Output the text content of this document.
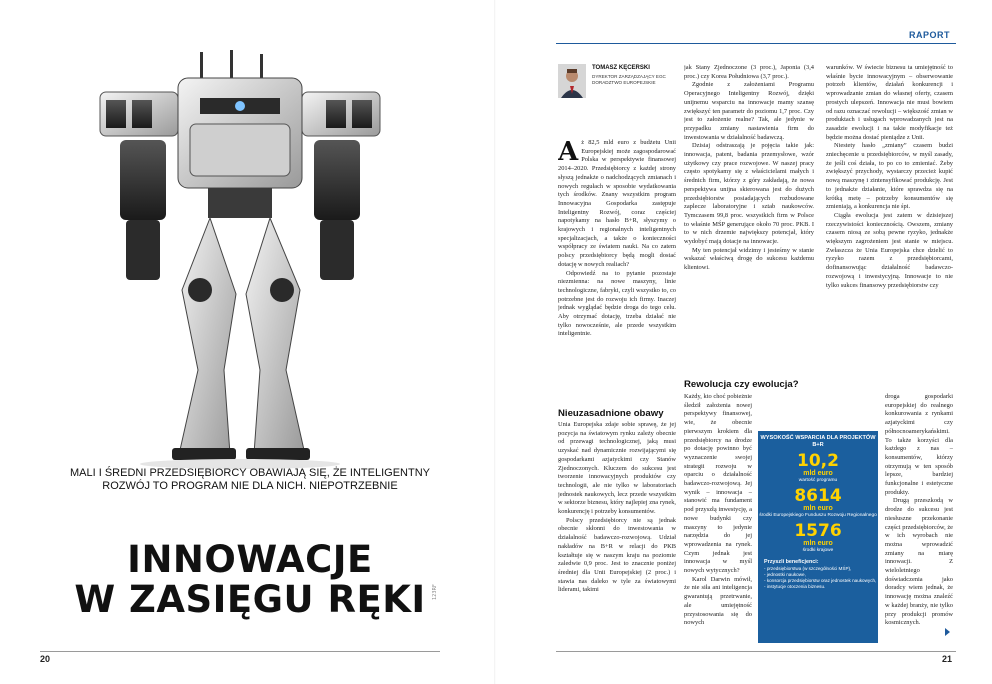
MALI I ŚREDNI PRZEDSIĘBIORCY OBAWIAJĄ SIĘ, ŻE INTELIGENTNY ROZWÓJ TO PROGRAM NIE DLA NICH. NIEPOTRZEBNIE
INNOWACJE
W ZASIĘGU RĘKI	123RF
20
RAPORT
TOMASZ KĘCERSKI
DYREKTOR ZARZĄDZAJĄCY EGC DORADZTWO EUROPEJSKIE
A ż 82,5 mld euro z budżetu Unii Europejskiej może zagospodarować Polska w perspektywie finansowej 2014–2020. Przedsiębiorcy z każdej strony słyszą jednakże o nadchodzących zmianach i nowych regułach w sposobie wydatkowania tych środków. Znany wszystkim program Innowacyjna Gospodarka zastępuje Inteligentny Rozwój, coraz częściej napotykamy na hasło B+R, słyszymy o krajowych i regionalnych inteligentnych specjalizacjach, a także o konieczności współpracy ze światem nauki. Na co zatem polscy przedsiębiorcy będą mogli dostać dotację w nowych realiach?

Odpowiedź na to pytanie pozostaje niezmienna: na nowe maszyny, linie technologiczne, fabryki, czyli wszystko to, co potrzebne jest do rozwoju ich firmy. Inaczej jednak wyglądać będzie droga do tego celu. Aby otrzymać dotację, trzeba działać nie tylko nowocześnie, ale przede wszystkim inteligentnie.

Nieuzasadnione obawy

Unia Europejska zdaje sobie sprawę, że jej pozycja na światowym rynku zależy obecnie od przewagi technologicznej, jaką musi uzyskać nad dynamicznie rozwijającymi się gospodarkami azjatyckimi czy Stanów Zjednoczonych. Kluczem do sukcesu jest tworzenie innowacyjnych produktów czy technologii, ale nie tylko w laboratoriach jednostek naukowych, lecz przede wszystkim w sektorze biznesu, który najlepiej zna rynek, konkurencję i potrzeby konsumentów.

Polscy przedsiębiorcy nie są jednak obecnie skłonni do inwestowania w działalność badawczo-rozwojową. Udział nakładów na B+R w relacji do PKB kształtuje się w naszym kraju na poziomie zaledwie 0,9 proc. Jest to znacznie poniżej średniej dla Unii Europejskiej (2 proc.) i stawia nas daleko w tyle za światowymi liderami, takimi

jak Stany Zjednoczone (3 proc.), Japonia (3,4 proc.) czy Korea Południowa (3,7 proc.).

Zgodnie z założeniami Programu Operacyjnego Inteligentny Rozwój, dzięki unijnemu wsparciu na innowacje mamy szansę zwiększyć ten parametr do poziomu 1,7 proc. Czy jest to założenie realne? Tak, ale jedynie w przypadku zmiany nastawienia firm do inwestowania w działalność badawczą.

Dzisiaj odstraszają je pojęcia takie jak: innowacja, patent, badania przemysłowe, wzór użytkowy czy prace rozwojowe. W naszej pracy często spotykamy się z właścicielami małych i średnich firm, którzy z góry zakładają, że nowa perspektywa unijna skierowana jest do dużych przedsiębiorstw posiadających rozbudowane zaplecze laboratoryjne i sztab naukowców. Tymczasem 99,8 proc. wszystkich firm w Polsce to właśnie MŚP generujące około 70 proc. PKB. I to w nich drzemie największy potencjał, który wydobyć mają dotacje na innowacje.

My ten potencjał widzimy i jesteśmy w stanie wskazać właściwą drogę do sukcesu każdemu klientowi.

Rewolucja czy ewolucja?

Każdy, kto choć pobieżnie śledził założenia nowej perspektywy finansowej, wie, że obecnie pierwszym krokiem dla przedsiębiorcy na drodze po dotację powinno być wyznaczenie swojej strategii rozwoju w oparciu o działalność badawczo-rozwojową. Jej wynik – innowacja – stanowić ma fundament pod przyszłą inwestycję, a nowe budynki czy maszyny to jedynie narzędzia do jej wprowadzenia na rynek. Czym jednak jest innowacja w myśl nowych wytycznych?

Karol Darwin mówił, że nie siła ani inteligencja gwarantują przetrwanie, ale umiejętność przystosowania się do nowych

WYSOKOŚĆ WSPARCIA DLA PROJEKTÓW B+R
10,2
mld euro
wartość programu
8614
mln euro
środki Europejskiego Funduszu Rozwoju Regionalnego
1576
mln euro
środki krajowe
Przyszli beneficjenci:
- przedsiębiorstwa (w szczególności MŚP),
- jednostki naukowe,
- konsorcja przedsiębiorstw oraz jednostek naukowych,
- instytucje otoczenia biznesu.

warunków. W świecie biznesu ta umiejętność to właśnie bycie innowacyjnym – obserwowanie potrzeb klientów, działań konkurencji i wprowadzanie zmian do własnej oferty, czasem prostych ulepszeń. Innowacja nie musi bowiem od razu oznaczać rewolucji – większość zmian w produktach i usługach wprowadzanych jest na zasadzie ewolucji i na takie modyfikacje też będzie można dostać pieniądze z Unii.

Niestety hasło „zmiany” czasem budzi zniechęcenie u przedsiębiorców, w myśl zasady, że jeśli coś działa, to po co to zmieniać. Żeby zwiększyć przychody, wystarczy przecież kupić nową maszynę i zintensyfikować produkcję. Jest to jednakże działanie, które sprawdza się na krótką metę – potrzeby konsumentów się zmieniają, a konkurencja nie śpi.

Ciągła ewolucja jest zatem w dzisiejszej rzeczywistości koniecznością. Owszem, zmiany czasem niosą ze sobą pewne ryzyko, jednakże większym zagrożeniem jest stanie w miejscu. Zwłaszcza że Unia Europejska chce dzielić to ryzyko razem z przedsiębiorcami, dofinansowując działalność badawczo-rozwojową i inwestycyjną. Innowacje to nie tylko sukces finansowy przedsiębiorstw czy

droga gospodarki europejskiej do realnego konkurowania z rynkami azjatyckimi czy północnoamerykańskimi. To także korzyści dla każdego z nas – konsumentów, którzy otrzymują w ten sposób lepsze, bardziej funkcjonalne i estetyczne produkty.

Drugą przeszkodą w drodze do sukcesu jest niesłuszne przekonanie części przedsiębiorców, że w ich wyrobach nie można wprowadzić zmiany na miarę innowacji. Z wieloletniego doświadczenia jako doradcy wiem jednak, że innowację można znaleźć w każdej branży, nie tylko przy produkcji promów kosmicznych.

21
